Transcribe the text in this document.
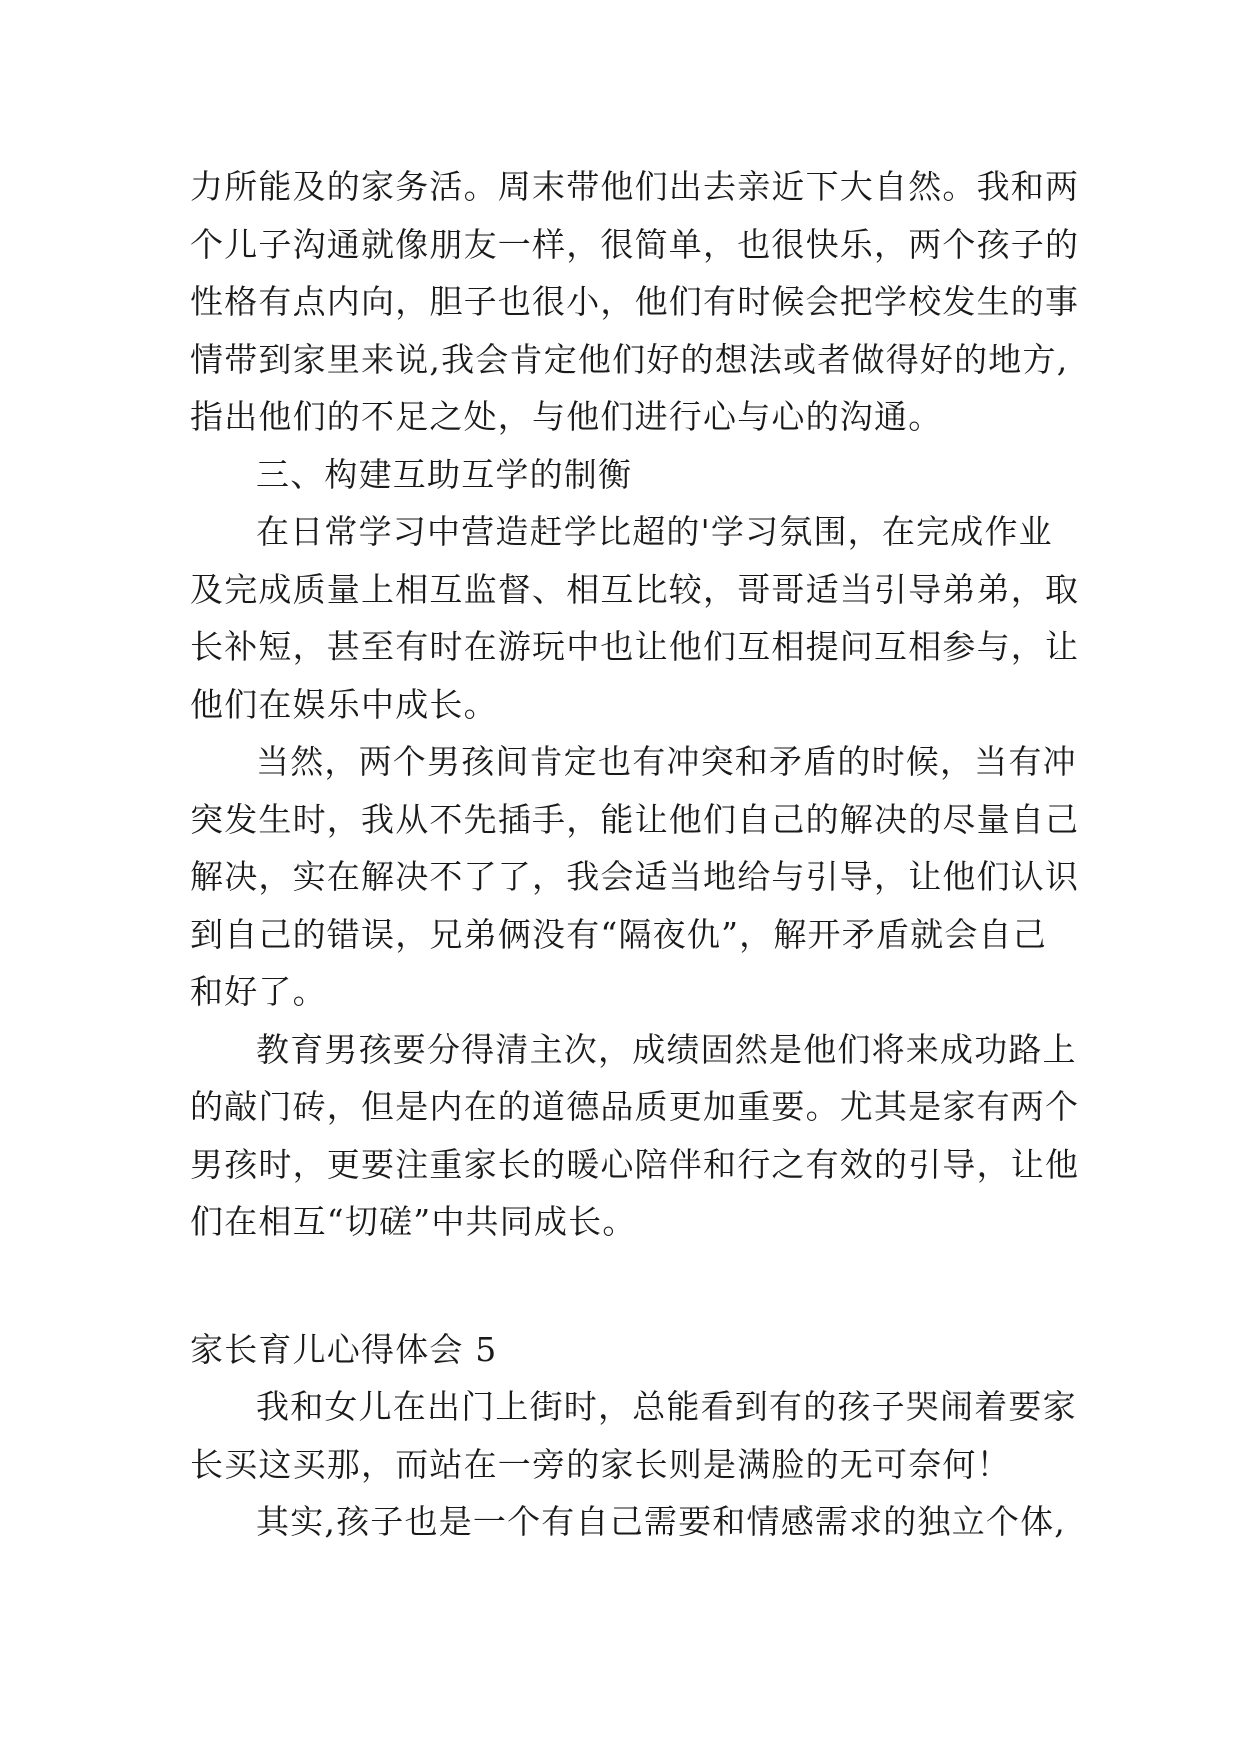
力所能及的家务活。周末带他们出去亲近下大自然。我和两
个儿子沟通就像朋友一样，很简单，也很快乐，两个孩子的
性格有点内向，胆子也很小，他们有时候会把学校发生的事
情带到家里来说,我会肯定他们好的想法或者做得好的地方,
指出他们的不足之处，与他们进行心与心的沟通。
三、构建互助互学的制衡
在日常学习中营造赶学比超的'学习氛围，在完成作业
及完成质量上相互监督、相互比较，哥哥适当引导弟弟，取
长补短，甚至有时在游玩中也让他们互相提问互相参与，让
他们在娱乐中成长。
当然，两个男孩间肯定也有冲突和矛盾的时候，当有冲
突发生时，我从不先插手，能让他们自己的解决的尽量自己
解决，实在解决不了了，我会适当地给与引导，让他们认识
到自己的错误，兄弟俩没有“隔夜仇”，解开矛盾就会自己
和好了。
教育男孩要分得清主次，成绩固然是他们将来成功路上
的敲门砖，但是内在的道德品质更加重要。尤其是家有两个
男孩时，更要注重家长的暖心陪伴和行之有效的引导，让他
们在相互“切磋”中共同成长。
家长育儿心得体会 5
我和女儿在出门上街时，总能看到有的孩子哭闹着要家
长买这买那，而站在一旁的家长则是满脸的无可奈何！
其实,孩子也是一个有自己需要和情感需求的独立个体,
